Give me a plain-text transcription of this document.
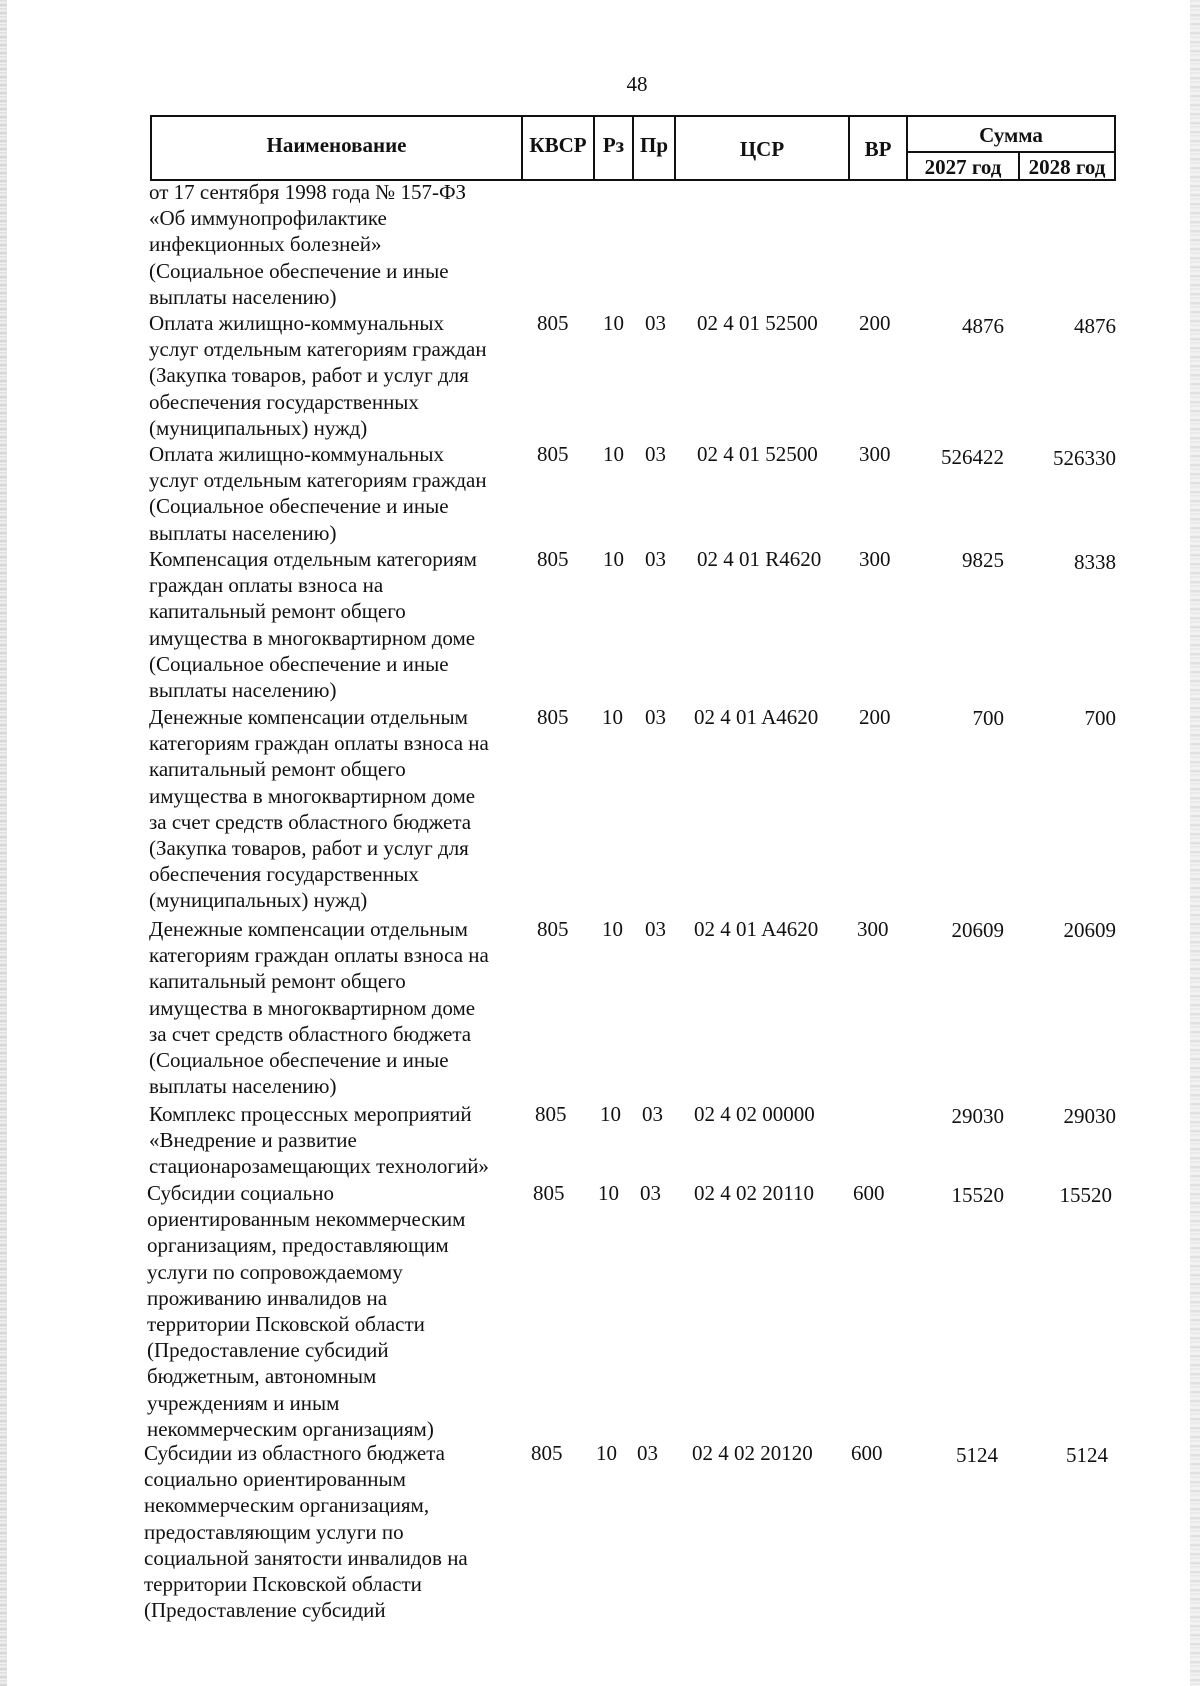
48
Наименование	КВСР Рз Пр	ЦСР	ВР
Сумма
2027 год	2028 год
от 17 сентября 1998 года № 157-ФЗ
«Об иммунопрофилактике
инфекционных болезней»
(Социальное обеспечение и иные
выплаты населению)
Оплата жилищно-коммунальных
услуг отдельным категориям граждан
(Закупка товаров, работ и услуг для
обеспечения государственных
(муниципальных) нужд)
805 10 03 02 4 01 52500 200	4876	4876
Оплата жилищно-коммунальных
услуг отдельным категориям граждан
(Социальное обеспечение и иные
выплаты населению)
805 10 03 02 4 01 52500 300 526422 526330
Компенсация отдельным категориям
граждан оплаты взноса на
капитальный ремонт общего
имущества в многоквартирном доме
(Социальное обеспечение и иные
выплаты населению)
805 10 03 02 4 01 R4620 300	9825	8338
Денежные компенсации отдельным
категориям граждан оплаты взноса на
капитальный ремонт общего
имущества в многоквартирном доме
за счет средств областного бюджета
(Закупка товаров, работ и услуг для
обеспечения государственных
(муниципальных) нужд)
805 10 03 02 4 01 A4620 200	700	700
Денежные компенсации отдельным
категориям граждан оплаты взноса на
капитальный ремонт общего
имущества в многоквартирном доме
за счет средств областного бюджета
(Социальное обеспечение и иные
выплаты населению)
805 10 03 02 4 01 A4620 300	20609	20609
Комплекс процессных мероприятий
«Внедрение и развитие
стационарозамещающих технологий»
805 10 03 02 4 02 00000	29030	29030
Субсидии социально
ориентированным некоммерческим
организациям, предоставляющим
услуги по сопровождаемому
проживанию инвалидов на
территории Псковской области
(Предоставление субсидий
бюджетным, автономным
учреждениям и иным
некоммерческим организациям)
805 10 03 02 4 02 20110 600	15520	15520
Субсидии из областного бюджета
социально ориентированным
некоммерческим организациям,
предоставляющим услуги по
социальной занятости инвалидов на
территории Псковской области
(Предоставление субсидий
805 10 03 02 4 02 20120 600	5124	5124
